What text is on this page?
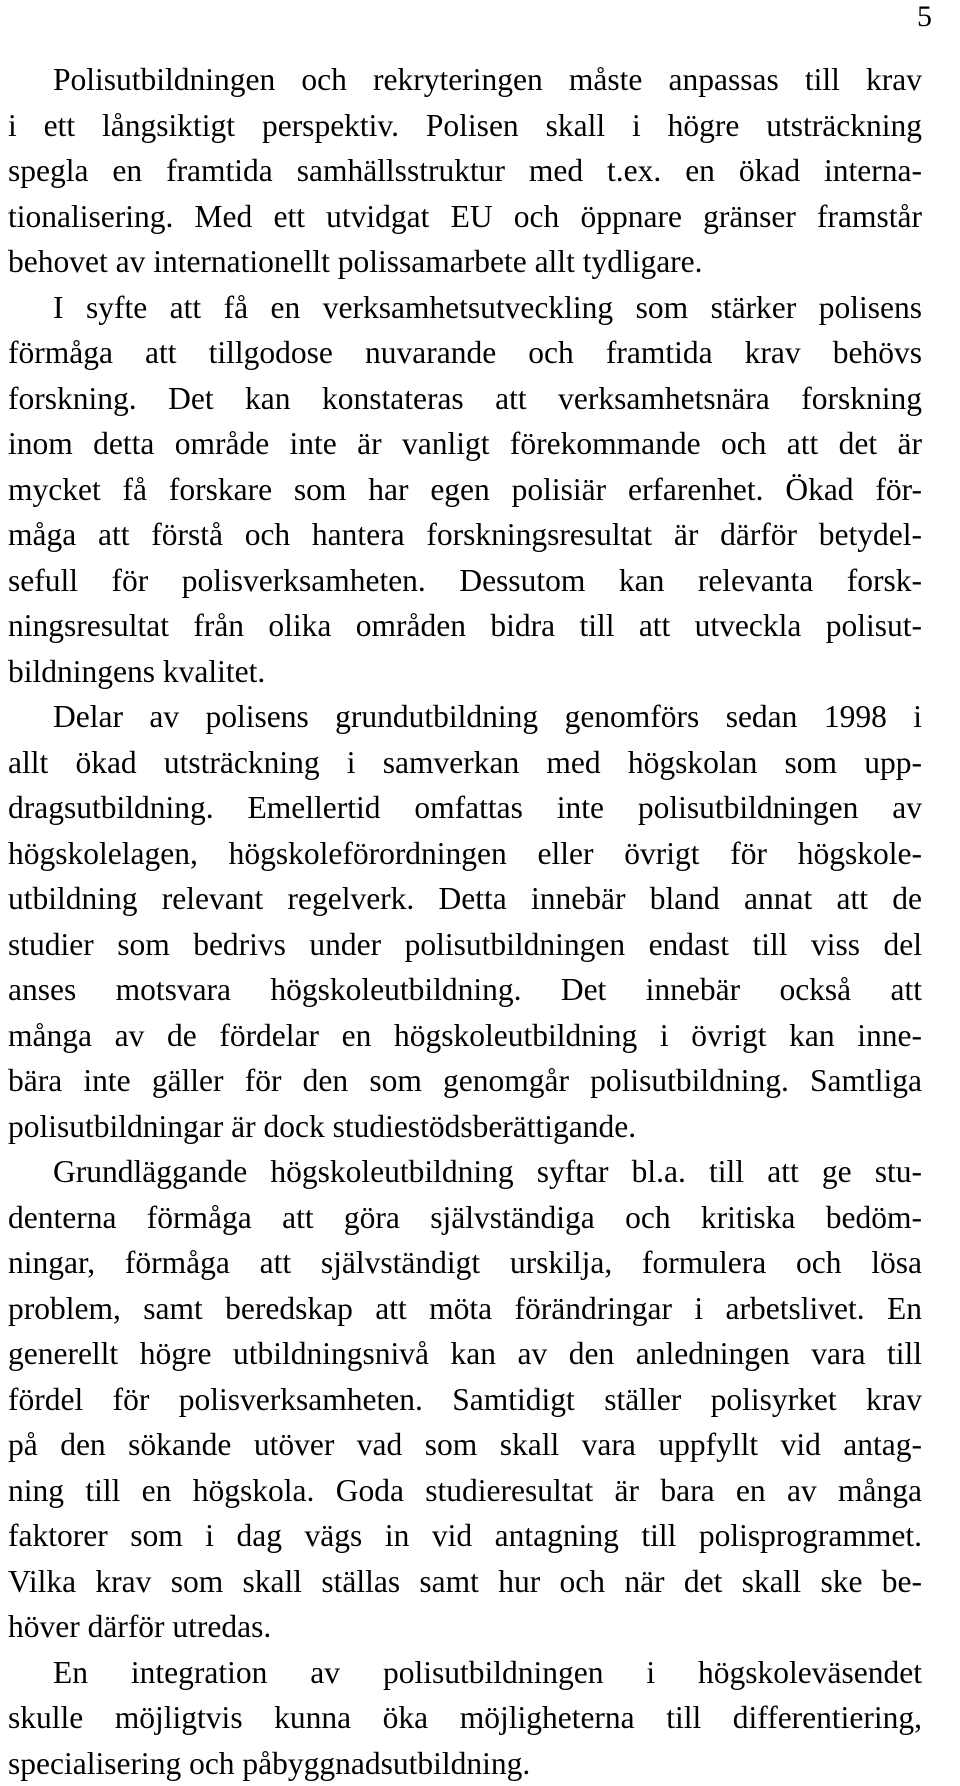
5
Polisutbildningen och rekryteringen måste anpassas till krav
i ett långsiktigt perspektiv. Polisen skall i högre utsträckning
spegla en framtida samhällsstruktur med t.ex. en ökad interna-
tionalisering. Med ett utvidgat EU och öppnare gränser framstår
behovet av internationellt polissamarbete allt tydligare.
I syfte att få en verksamhetsutveckling som stärker polisens
förmåga att tillgodose nuvarande och framtida krav behövs
forskning. Det kan konstateras att verksamhetsnära forskning
inom detta område inte är vanligt förekommande och att det är
mycket få forskare som har egen polisiär erfarenhet. Ökad för-
måga att förstå och hantera forskningsresultat är därför betydel-
sefull för polisverksamheten. Dessutom kan relevanta forsk-
ningsresultat från olika områden bidra till att utveckla polisut-
bildningens kvalitet.
Delar av polisens grundutbildning genomförs sedan 1998 i
allt ökad utsträckning i samverkan med högskolan som upp-
dragsutbildning. Emellertid omfattas inte polisutbildningen av
högskolelagen, högskoleförordningen eller övrigt för högskole-
utbildning relevant regelverk. Detta innebär bland annat att de
studier som bedrivs under polisutbildningen endast till viss del
anses motsvara högskoleutbildning. Det innebär också att
många av de fördelar en högskoleutbildning i övrigt kan inne-
bära inte gäller för den som genomgår polisutbildning. Samtliga
polisutbildningar är dock studiestödsberättigande.
Grundläggande högskoleutbildning syftar bl.a. till att ge stu-
denterna förmåga att göra självständiga och kritiska bedöm-
ningar, förmåga att självständigt urskilja, formulera och lösa
problem, samt beredskap att möta förändringar i arbetslivet. En
generellt högre utbildningsnivå kan av den anledningen vara till
fördel för polisverksamheten. Samtidigt ställer polisyrket krav
på den sökande utöver vad som skall vara uppfyllt vid antag-
ning till en högskola. Goda studieresultat är bara en av många
faktorer som i dag vägs in vid antagning till polisprogrammet.
Vilka krav som skall ställas samt hur och när det skall ske be-
höver därför utredas.
En integration av polisutbildningen i högskoleväsendet
skulle möjligtvis kunna öka möjligheterna till differentiering,
specialisering och påbyggnadsutbildning.
